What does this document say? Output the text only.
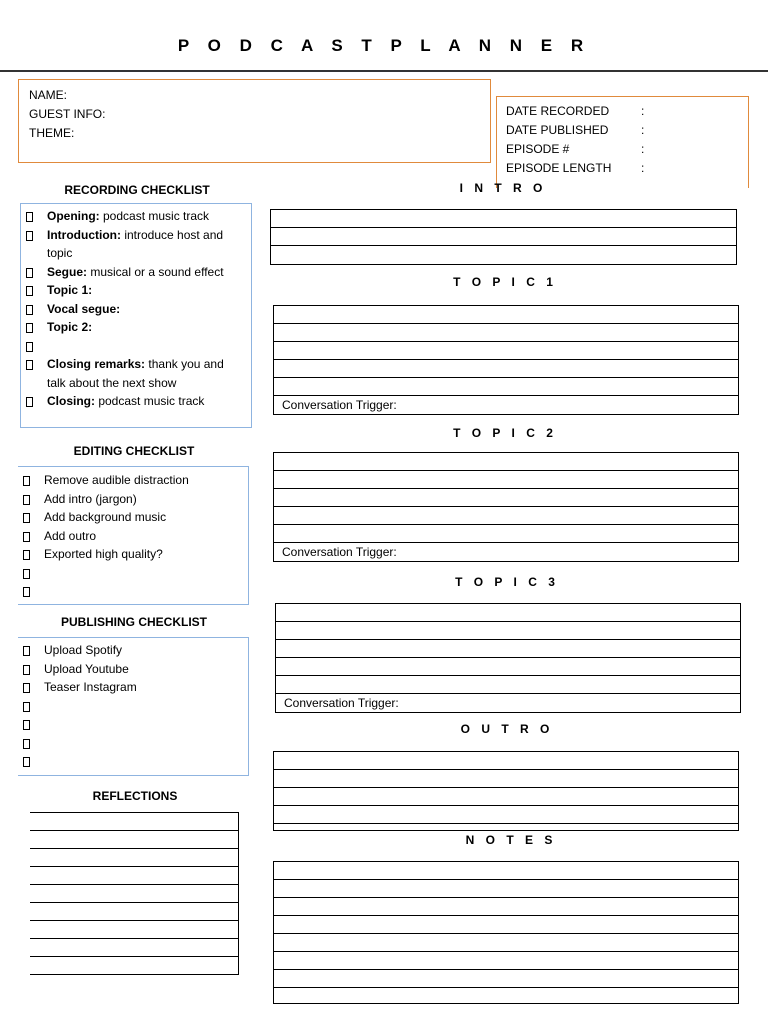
P O D C A S T P L A N N E R
NAME:
GUEST INFO:
THEME:
DATE RECORDED	:
DATE PUBLISHED	:
EPISODE #	:
EPISODE LENGTH :
RECORDING CHECKLIST
Opening: podcast music track
Introduction: introduce host and
topic
Segue: musical or a sound effect
Topic 1:
Vocal segue:
Topic 2:

Closing remarks: thank you and
talk about the next show
Closing: podcast music track
EDITING CHECKLIST
Remove audible distraction
Add intro (jargon)
Add background music
Add outro
Exported high quality?

PUBLISHING CHECKLIST
Upload Spotify
Upload Youtube
Teaser Instagram

REFLECTIONS
I N T R O
T O P I C 1
Conversation Trigger:
T O P I C 2
Conversation Trigger:
T O P I C 3
Conversation Trigger:
O U T R O
N O T E S
